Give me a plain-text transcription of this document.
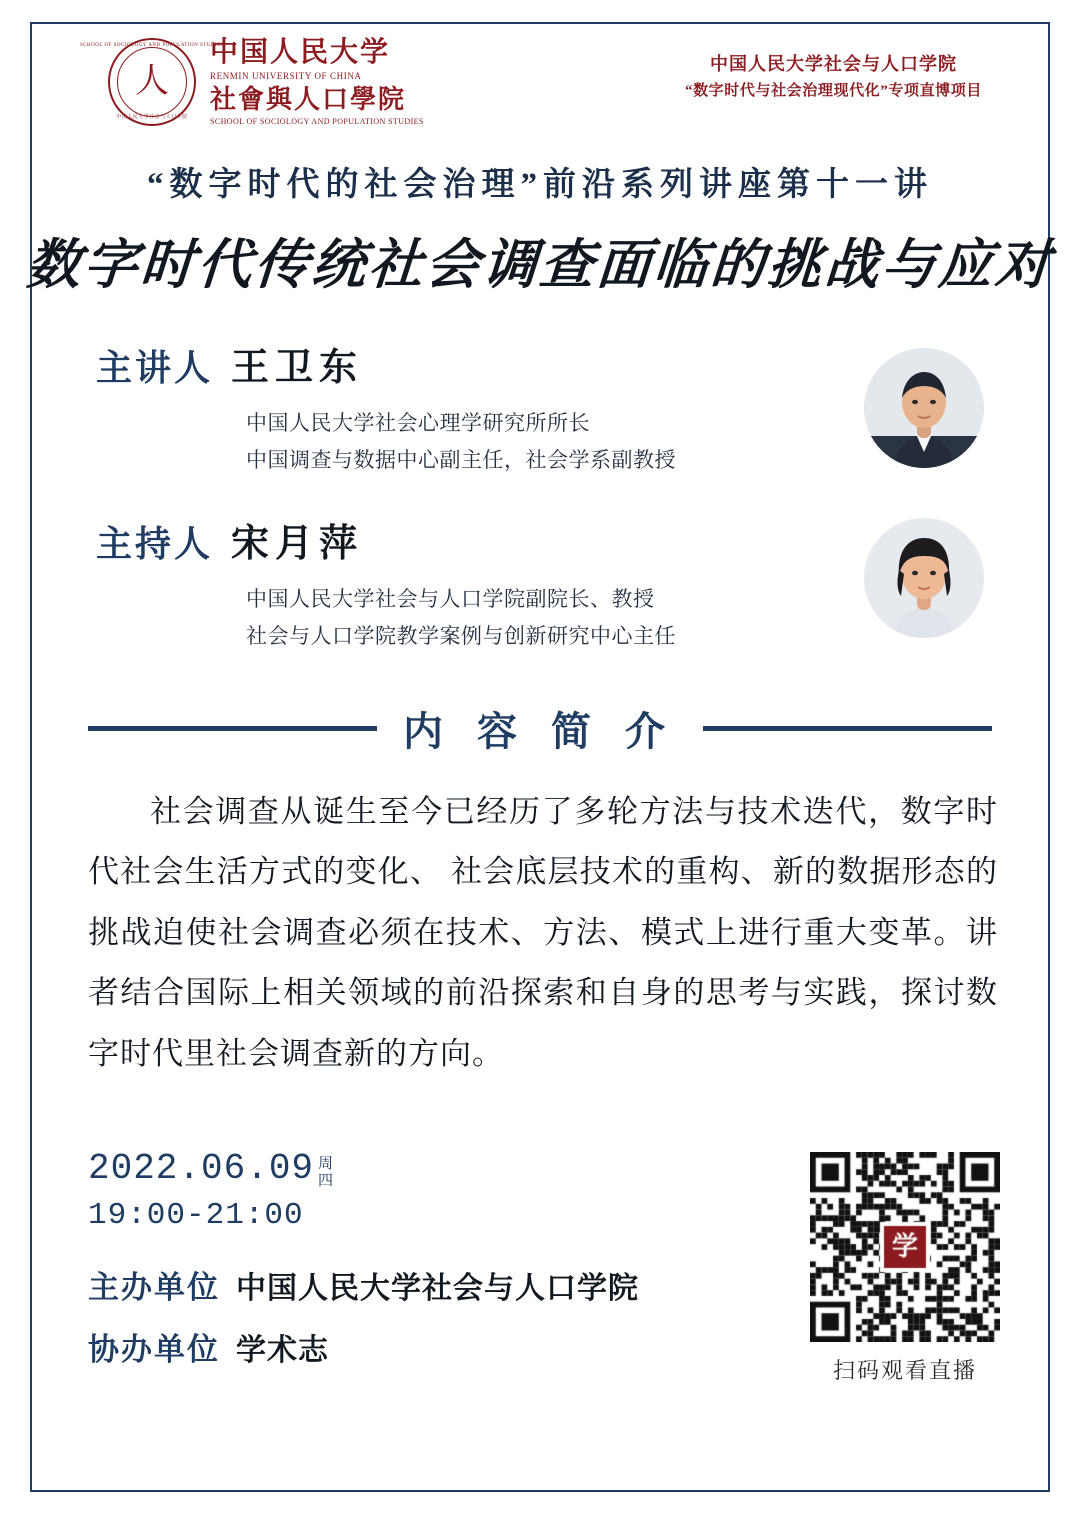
SCHOOL OF SOCIOLOGY AND POPULATION STUDIES
人
中国人民大学社会与人口学院
中国人民大学
RENMIN UNIVERSITY OF CHINA
社會與人口學院
SCHOOL OF SOCIOLOGY AND POPULATION STUDIES
中国人民大学社会与人口学院
“数字时代与社会治理现代化”专项直博项目
“数字时代的社会治理”前沿系列讲座第十一讲
数字时代传统社会调查面临的挑战与应对
主讲人 王卫东
中国人民大学社会心理学研究所所长
中国调查与数据中心副主任，社会学系副教授
主持人 宋月萍
中国人民大学社会与人口学院副院长、教授
社会与人口学院教学案例与创新研究中心主任
内 容 简 介
社会调查从诞生至今已经历了多轮方法与技术迭代，数字时代社会生活方式的变化、 社会底层技术的重构、新的数据形态的挑战迫使社会调查必须在技术、方法、模式上进行重大变革。讲者结合国际上相关领域的前沿探索和自身的思考与实践，探讨数字时代里社会调查新的方向。
2022.06.09 周四
19:00-21:00
主办单位 中国人民大学社会与人口学院
协办单位 学术志
扫码观看直播
